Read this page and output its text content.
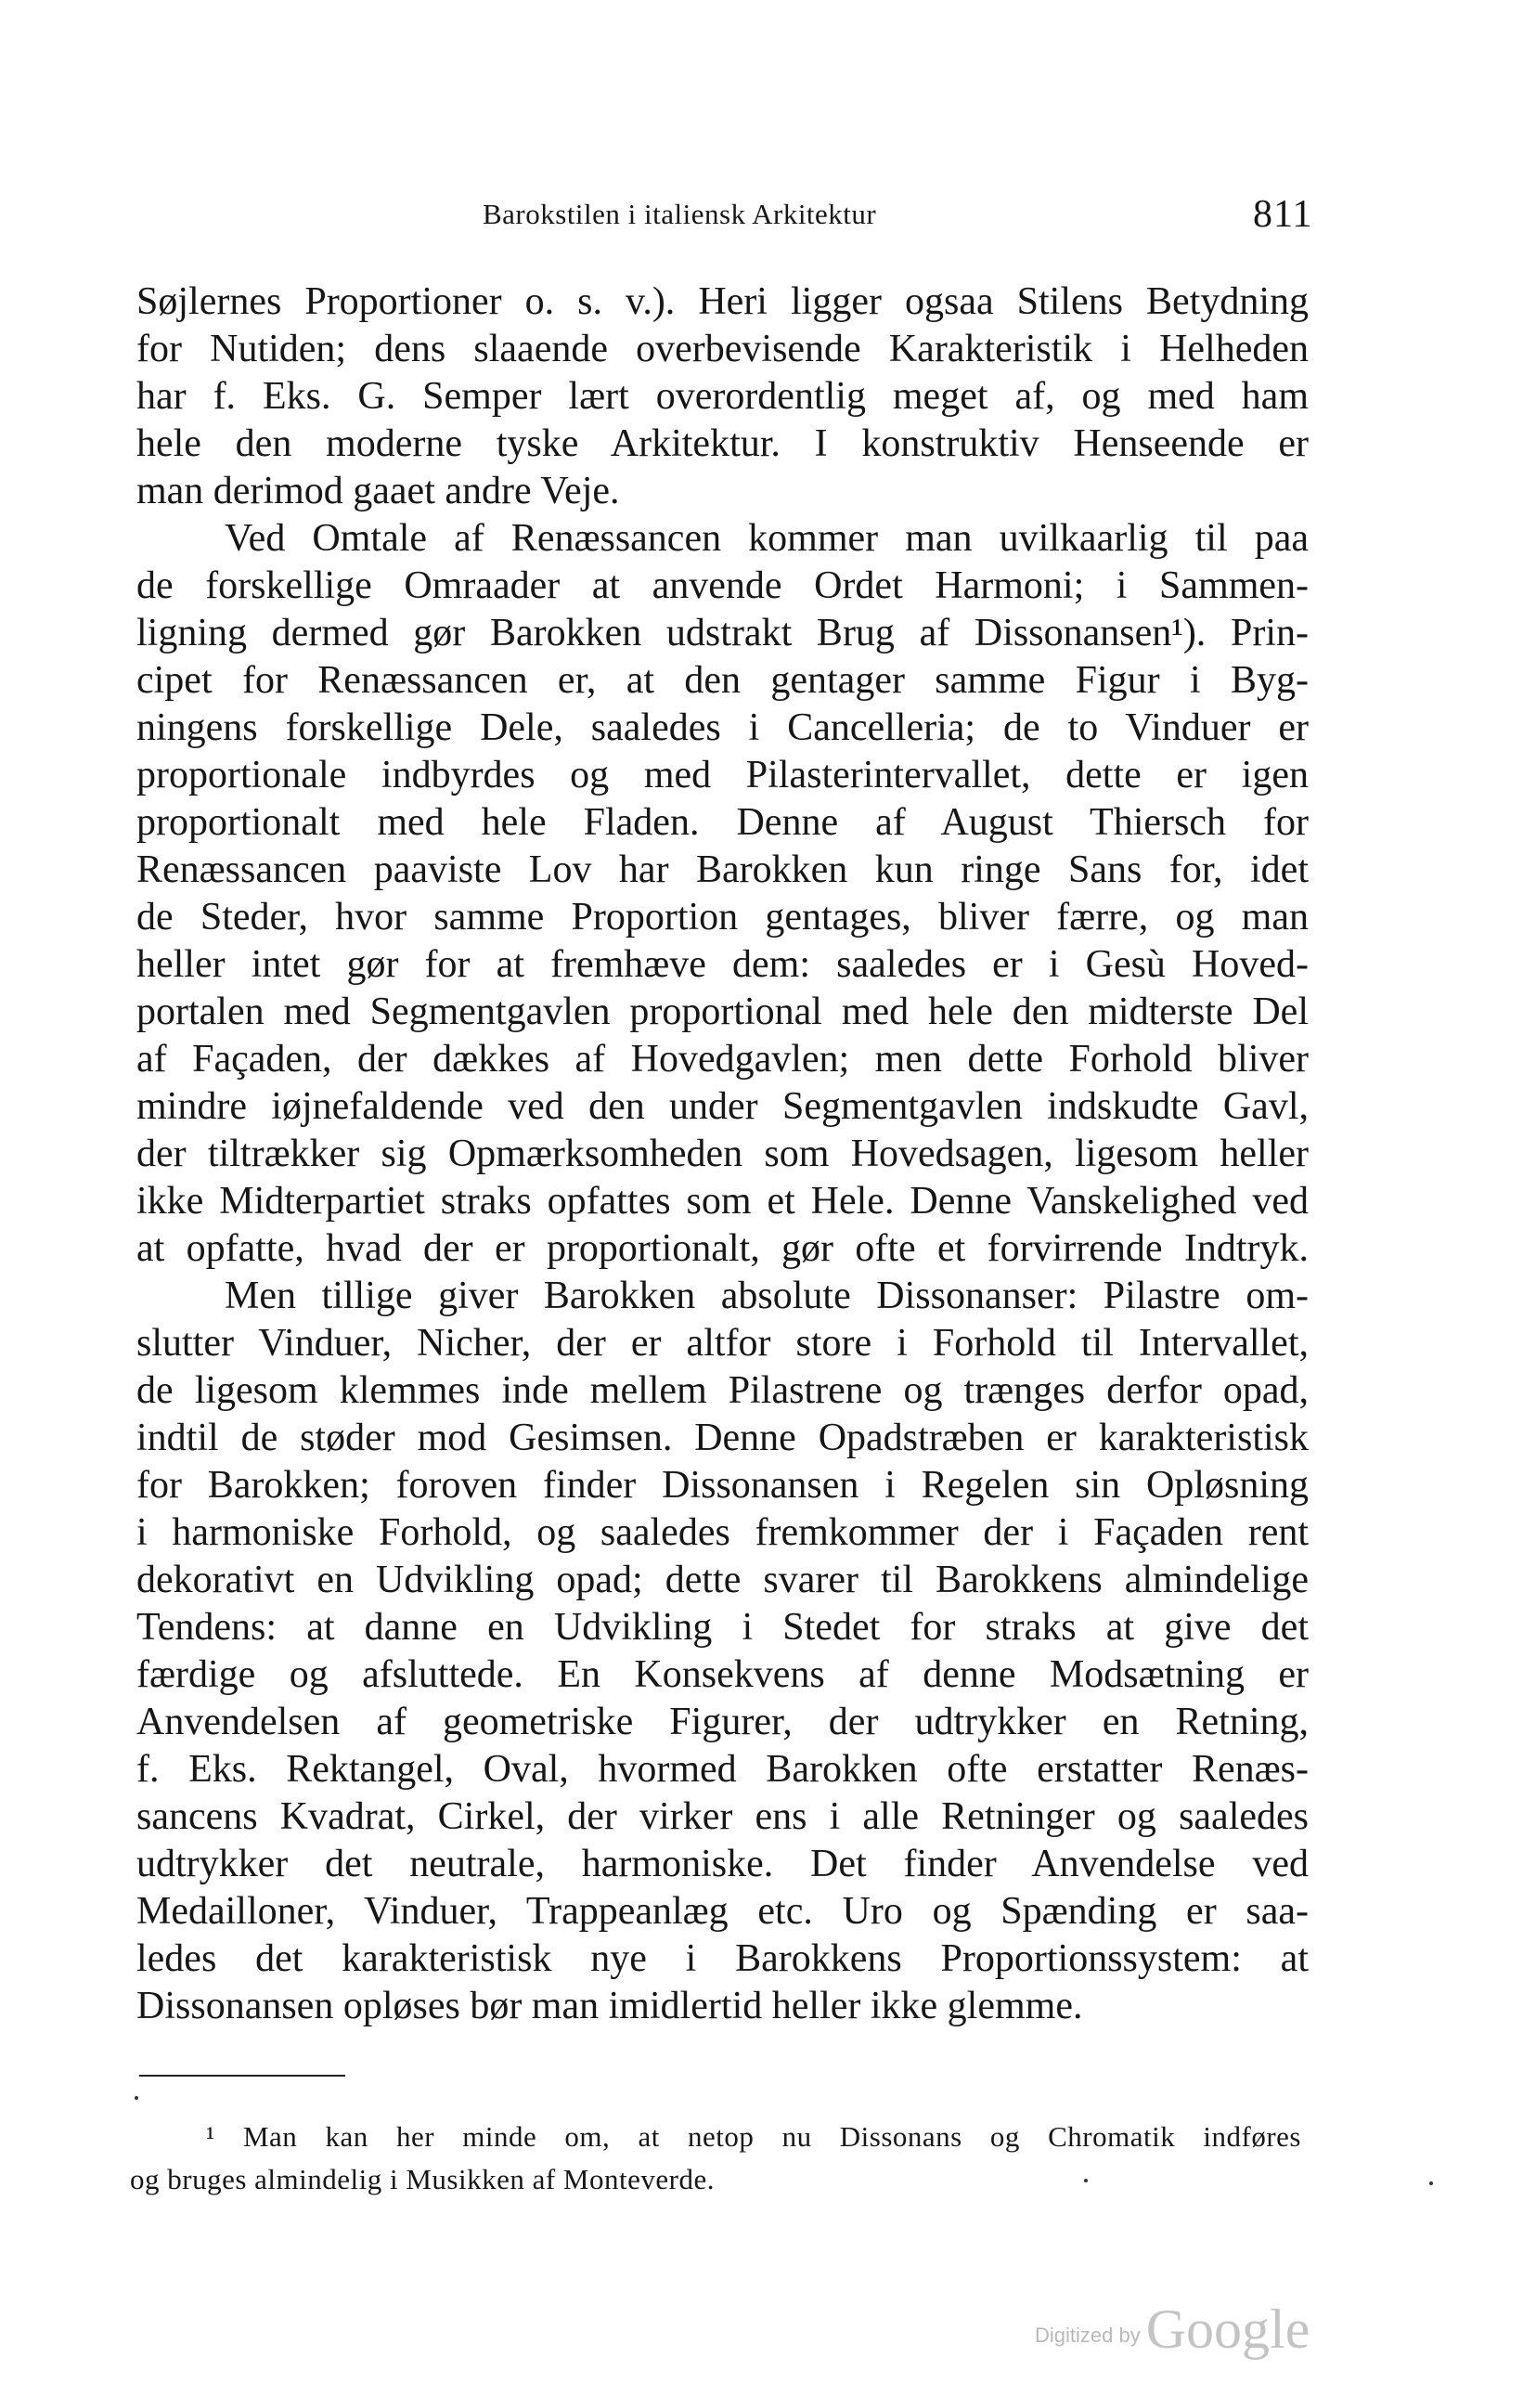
Barokstilen i italiensk Arkitektur	811
Søjlernes Proportioner o. s. v.). Heri ligger ogsaa Stilens Betydning
for Nutiden; dens slaaende overbevisende Karakteristik i Helheden
har f. Eks. G. Semper lært overordentlig meget af, og med ham
hele den moderne tyske Arkitektur. I konstruktiv Henseende er
man derimod gaaet andre Veje.
Ved Omtale af Renæssancen kommer man uvilkaarlig til paa
de forskellige Omraader at anvende Ordet Harmoni; i Sammen-
ligning dermed gør Barokken udstrakt Brug af Dissonansen¹). Prin-
cipet for Renæssancen er, at den gentager samme Figur i Byg-
ningens forskellige Dele, saaledes i Cancelleria; de to Vinduer er
proportionale indbyrdes og med Pilasterintervallet, dette er igen
proportionalt med hele Fladen. Denne af August Thiersch for
Renæssancen paaviste Lov har Barokken kun ringe Sans for, idet
de Steder, hvor samme Proportion gentages, bliver færre, og man
heller intet gør for at fremhæve dem: saaledes er i Gesù Hoved-
portalen med Segmentgavlen proportional med hele den midterste Del
af Façaden, der dækkes af Hovedgavlen; men dette Forhold bliver
mindre iøjnefaldende ved den under Segmentgavlen indskudte Gavl,
der tiltrækker sig Opmærksomheden som Hovedsagen, ligesom heller
ikke Midterpartiet straks opfattes som et Hele. Denne Vanskelighed ved
at opfatte, hvad der er proportionalt, gør ofte et forvirrende Indtryk.
Men tillige giver Barokken absolute Dissonanser: Pilastre om-
slutter Vinduer, Nicher, der er altfor store i Forhold til Intervallet,
de ligesom klemmes inde mellem Pilastrene og trænges derfor opad,
indtil de støder mod Gesimsen. Denne Opadstræben er karakteristisk
for Barokken; foroven finder Dissonansen i Regelen sin Opløsning
i harmoniske Forhold, og saaledes fremkommer der i Façaden rent
dekorativt en Udvikling opad; dette svarer til Barokkens almindelige
Tendens: at danne en Udvikling i Stedet for straks at give det
færdige og afsluttede. En Konsekvens af denne Modsætning er
Anvendelsen af geometriske Figurer, der udtrykker en Retning,
f. Eks. Rektangel, Oval, hvormed Barokken ofte erstatter Renæs-
sancens Kvadrat, Cirkel, der virker ens i alle Retninger og saaledes
udtrykker det neutrale, harmoniske. Det finder Anvendelse ved
Medailloner, Vinduer, Trappeanlæg etc. Uro og Spænding er saa-
ledes det karakteristisk nye i Barokkens Proportionssystem: at
Dissonansen opløses bør man imidlertid heller ikke glemme.
¹ Man kan her minde om, at netop nu Dissonans og Chromatik indføres
og bruges almindelig i Musikken af Monteverde.
Digitized by Google
